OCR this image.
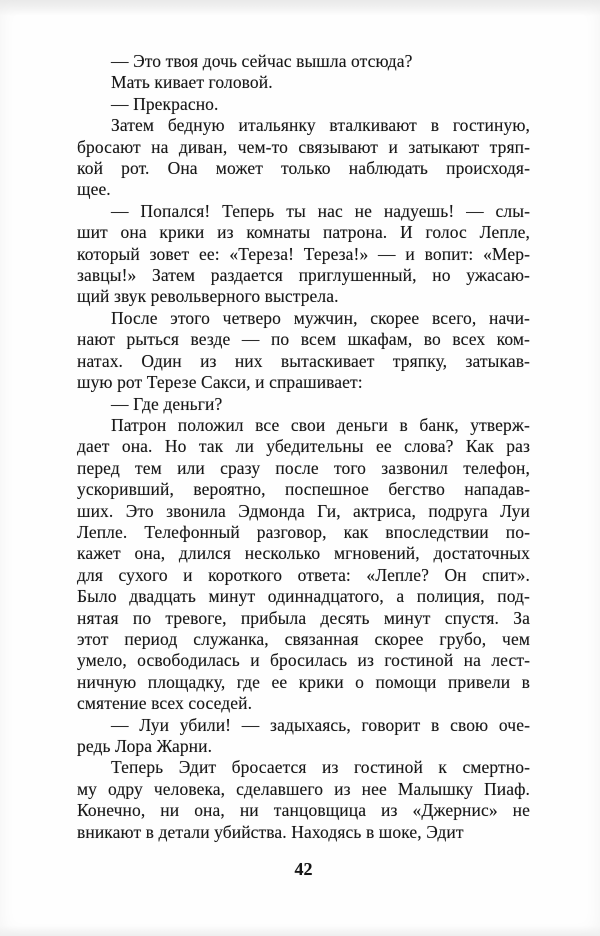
— Это твоя дочь сейчас вышла отсюда?
Мать кивает головой.
— Прекрасно.
Затем бедную итальянку вталкивают в гостиную,
бросают на диван, чем-то связывают и затыкают тряп-
кой рот. Она может только наблюдать происходя-
щее.
— Попался! Теперь ты нас не надуешь! — слы-
шит она крики из комнаты патрона. И голос Лепле,
который зовет ее: «Тереза! Тереза!» — и вопит: «Мер-
завцы!» Затем раздается приглушенный, но ужасаю-
щий звук револьверного выстрела.
После этого четверо мужчин, скорее всего, начи-
нают рыться везде — по всем шкафам, во всех ком-
натах. Один из них вытаскивает тряпку, затыкав-
шую рот Терезе Сакси, и спрашивает:
— Где деньги?
Патрон положил все свои деньги в банк, утверж-
дает она. Но так ли убедительны ее слова? Как раз
перед тем или сразу после того зазвонил телефон,
ускоривший, вероятно, поспешное бегство нападав-
ших. Это звонила Эдмонда Ги, актриса, подруга Луи
Лепле. Телефонный разговор, как впоследствии по-
кажет она, длился несколько мгновений, достаточных
для сухого и короткого ответа: «Лепле? Он спит».
Было двадцать минут одиннадцатого, а полиция, под-
нятая по тревоге, прибыла десять минут спустя. За
этот период служанка, связанная скорее грубо, чем
умело, освободилась и бросилась из гостиной на лест-
ничную площадку, где ее крики о помощи привели в
смятение всех соседей.
— Луи убили! — задыхаясь, говорит в свою оче-
редь Лора Жарни.
Теперь Эдит бросается из гостиной к смертно-
му одру человека, сделавшего из нее Малышку Пиаф.
Конечно, ни она, ни танцовщица из «Джернис» не
вникают в детали убийства. Находясь в шоке, Эдит
42
